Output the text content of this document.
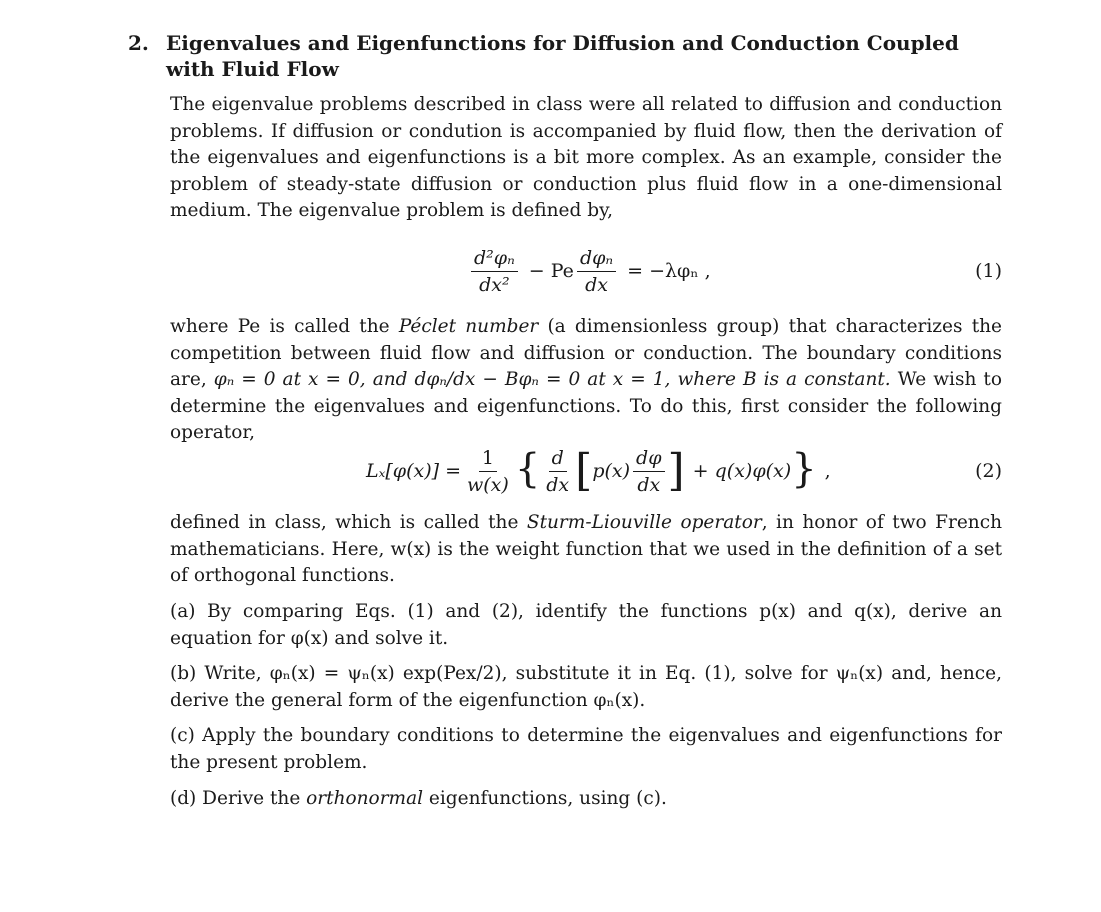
2. Eigenvalues and Eigenfunctions for Diffusion and Conduction Coupled with Fluid Flow
The eigenvalue problems described in class were all related to diffusion and conduction problems. If diffusion or condution is accompanied by fluid flow, then the derivation of the eigenvalues and eigenfunctions is a bit more complex. As an example, consider the problem of steady-state diffusion or conduction plus fluid flow in a one-dimensional medium. The eigenvalue problem is defined by,
$\frac{\text{d²φₙ}}{\text{dx²}} - Pe \frac{\text{dφₙ}}{dx} = -\lambda\varphi_n$ ,	(1)
where Pe is called the Péclet number (a dimensionless group) that characterizes the competition between fluid flow and diffusion or conduction. The boundary conditions are, φₙ = 0 at x = 0, and dφₙ/dx − Bφₙ = 0 at x = 1, where B is a constant. We wish to determine the eigenvalues and eigenfunctions. To do this, first consider the following operator,
$L_x[\varphi(x)] = \frac{1}{w(x)}$ { $\frac{d}{dx}$ [ $p(x) \frac{d\varphi}{dx}$ ] + q(x)φ(x) } ,	(2)
defined in class, which is called the Sturm-Liouville operator, in honor of two French mathematicians. Here, w(x) is the weight function that we used in the definition of a set of orthogonal functions.
(a) By comparing Eqs. (1) and (2), identify the functions p(x) and q(x), derive an equation for φ(x) and solve it.
(b) Write, φₙ(x) = ψₙ(x) exp(Pex/2), substitute it in Eq. (1), solve for ψₙ(x) and, hence, derive the general form of the eigenfunction φₙ(x).
(c) Apply the boundary conditions to determine the eigenvalues and eigenfunctions for the present problem.
(d) Derive the orthonormal eigenfunctions, using (c).
